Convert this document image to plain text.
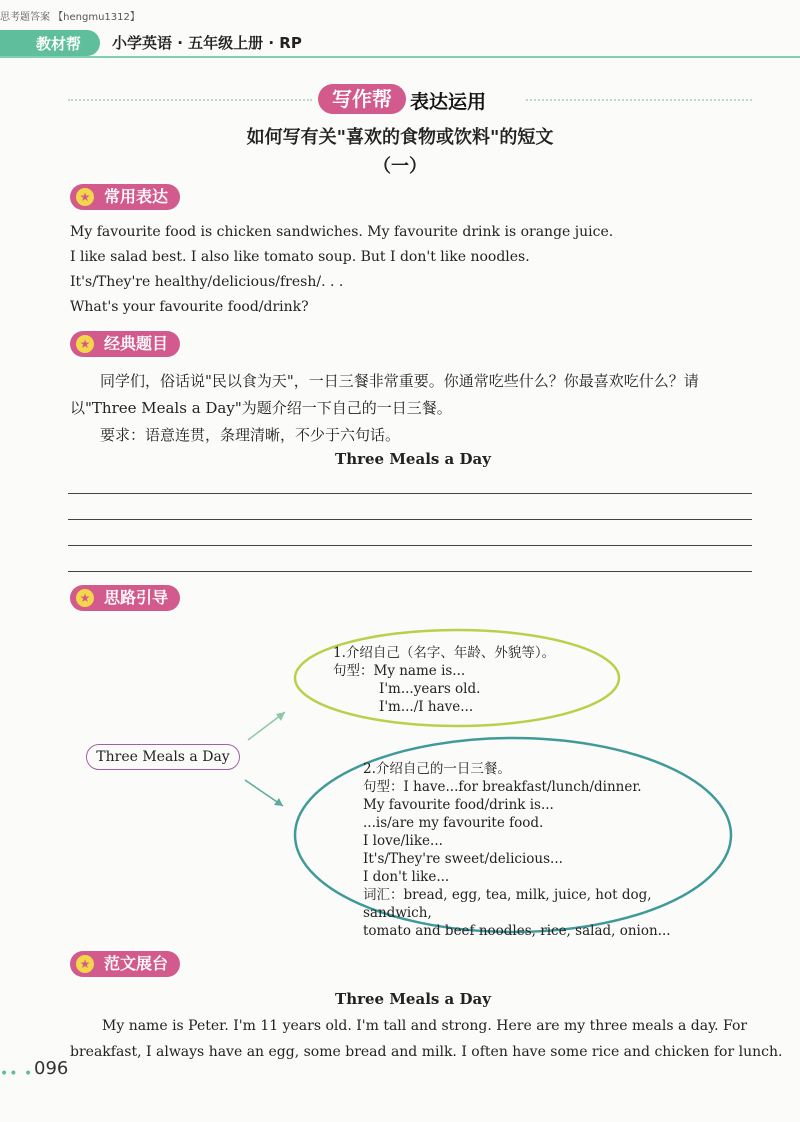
思考题答案 【hengmu1312】
教材帮 小学英语 · 五年级上册 · RP
写作帮 表达运用
如何写有关"喜欢的食物或饮料"的短文
（一）
★ 常用表达
My favourite food is chicken sandwiches. My favourite drink is orange juice.
I like salad best. I also like tomato soup. But I don't like noodles.
It's/They're healthy/delicious/fresh/. . .
What's your favourite food/drink?
★ 经典题目
同学们，俗话说"民以食为天"，一日三餐非常重要。你通常吃些什么？你最喜欢吃什么？请
以"Three Meals a Day"为题介绍一下自己的一日三餐。
要求：语意连贯，条理清晰，不少于六句话。
Three Meals a Day
★ 思路引导
Three Meals a Day
1.介绍自己（名字、年龄、外貌等）。
句型：My name is...
I'm...years old.
I'm.../I have...
2.介绍自己的一日三餐。
句型：I have...for breakfast/lunch/dinner.
My favourite food/drink is...
...is/are my favourite food.
I love/like...
It's/They're sweet/delicious...
I don't like...
词汇：bread, egg, tea, milk, juice, hot dog, sandwich,
tomato and beef noodles, rice, salad, onion...
★ 范文展台
Three Meals a Day
My name is Peter. I'm 11 years old. I'm tall and strong. Here are my three meals a day. For
breakfast, I always have an egg, some bread and milk. I often have some rice and chicken for lunch.
•• • 096
